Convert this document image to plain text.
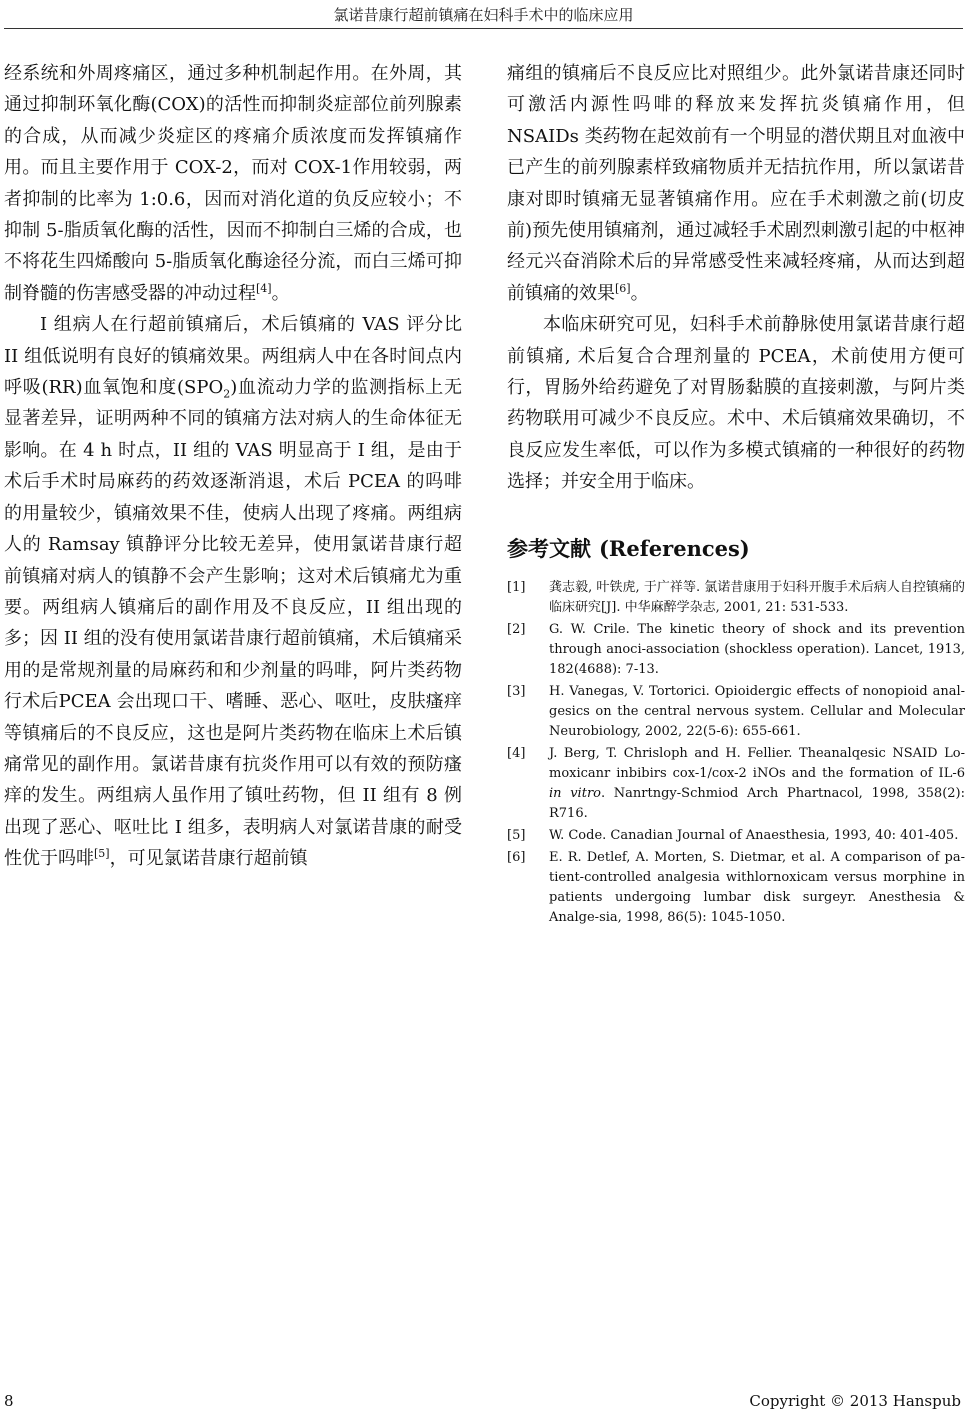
氯诺昔康行超前镇痛在妇科手术中的临床应用

经系统和外周疼痛区，通过多种机制起作用。在外周，其通过抑制环氧化酶(COX)的活性而抑制炎症部位前列腺素的合成，从而减少炎症区的疼痛介质浓度而发挥镇痛作用。而且主要作用于 COX-2，而对 COX-1作用较弱，两者抑制的比率为 1:0.6，因而对消化道的负反应较小；不抑制 5-脂质氧化酶的活性，因而不抑制白三烯的合成，也不将花生四烯酸向 5-脂质氧化酶途径分流，而白三烯可抑制脊髓的伤害感受器的冲动过程[4]。

I 组病人在行超前镇痛后，术后镇痛的 VAS 评分比 II 组低说明有良好的镇痛效果。两组病人中在各时间点内呼吸(RR)血氧饱和度$(SPO_2)$血流动力学的监测指标上无显著差异，证明两种不同的镇痛方法对病人的生命体征无影响。在 4 h 时点，II 组的 VAS 明显高于 I 组，是由于术后手术时局麻药的药效逐渐消退，术后 PCEA 的吗啡的用量较少，镇痛效果不佳，使病人出现了疼痛。两组病人的 Ramsay 镇静评分比较无差异，使用氯诺昔康行超前镇痛对病人的镇静不会产生影响；这对术后镇痛尤为重要。两组病人镇痛后的副作用及不良反应，II 组出现的多；因 II 组的没有使用氯诺昔康行超前镇痛，术后镇痛采用的是常规剂量的局麻药和和少剂量的吗啡，阿片类药物行术后PCEA 会出现口干、嗜睡、恶心、呕吐，皮肤瘙痒等镇痛后的不良反应，这也是阿片类药物在临床上术后镇痛常见的副作用。氯诺昔康有抗炎作用可以有效的预防瘙痒的发生。两组病人虽作用了镇吐药物，但 II 组有 8 例出现了恶心、呕吐比 I 组多，表明病人对氯诺昔康的耐受性优于吗啡[5]，可见氯诺昔康行超前镇

痛组的镇痛后不良反应比对照组少。此外氯诺昔康还同时可激活内源性吗啡的释放来发挥抗炎镇痛作用，但 NSAIDs 类药物在起效前有一个明显的潜伏期且对血液中已产生的前列腺素样致痛物质并无拮抗作用，所以氯诺昔康对即时镇痛无显著镇痛作用。应在手术刺激之前(切皮前)预先使用镇痛剂，通过减轻手术剧烈刺激引起的中枢神经元兴奋消除术后的异常感受性来减轻疼痛，从而达到超前镇痛的效果[6]。

本临床研究可见，妇科手术前静脉使用氯诺昔康行超前镇痛, 术后复合合理剂量的 PCEA，术前使用方便可行，胃肠外给药避免了对胃肠黏膜的直接刺激，与阿片类药物联用可减少不良反应。术中、术后镇痛效果确切，不良反应发生率低，可以作为多模式镇痛的一种很好的药物选择；并安全用于临床。

参考文献 (References)
[1]	龚志毅, 叶铁虎, 于广祥等. 氯诺昔康用于妇科开腹手术后病人自控镇痛的临床研究[J]. 中华麻醉学杂志, 2001, 21: 531-533.
[2]	G. W. Crile. The kinetic theory of shock and its prevention through anoci-association (shockless operation). Lancet, 1913, 182(4688): 7-13.
[3]	H. Vanegas, V. Tortorici. Opioidergic effects of nonopioid anal-gesics on the central nervous system. Cellular and Molecular Neurobiology, 2002, 22(5-6): 655-661.
[4]	J. Berg, T. Chrisloph and H. Fellier. Theanalqesic NSAID Lo-moxicanr inbibirs cox-1/cox-2 iNOs and the formation of IL-6 in vitro. Nanrtngy-Schmiod Arch Phartnacol, 1998, 358(2): R716.
[5]	W. Code. Canadian Journal of Anaesthesia, 1993, 40: 401-405.
[6]	E. R. Detlef, A. Morten, S. Dietmar, et al. A comparison of pa-tient-controlled analgesia withlornoxicam versus morphine in patients undergoing lumbar disk surgeyr. Anesthesia & Analge-sia, 1998, 86(5): 1045-1050.
8	Copyright © 2013 Hanspub
